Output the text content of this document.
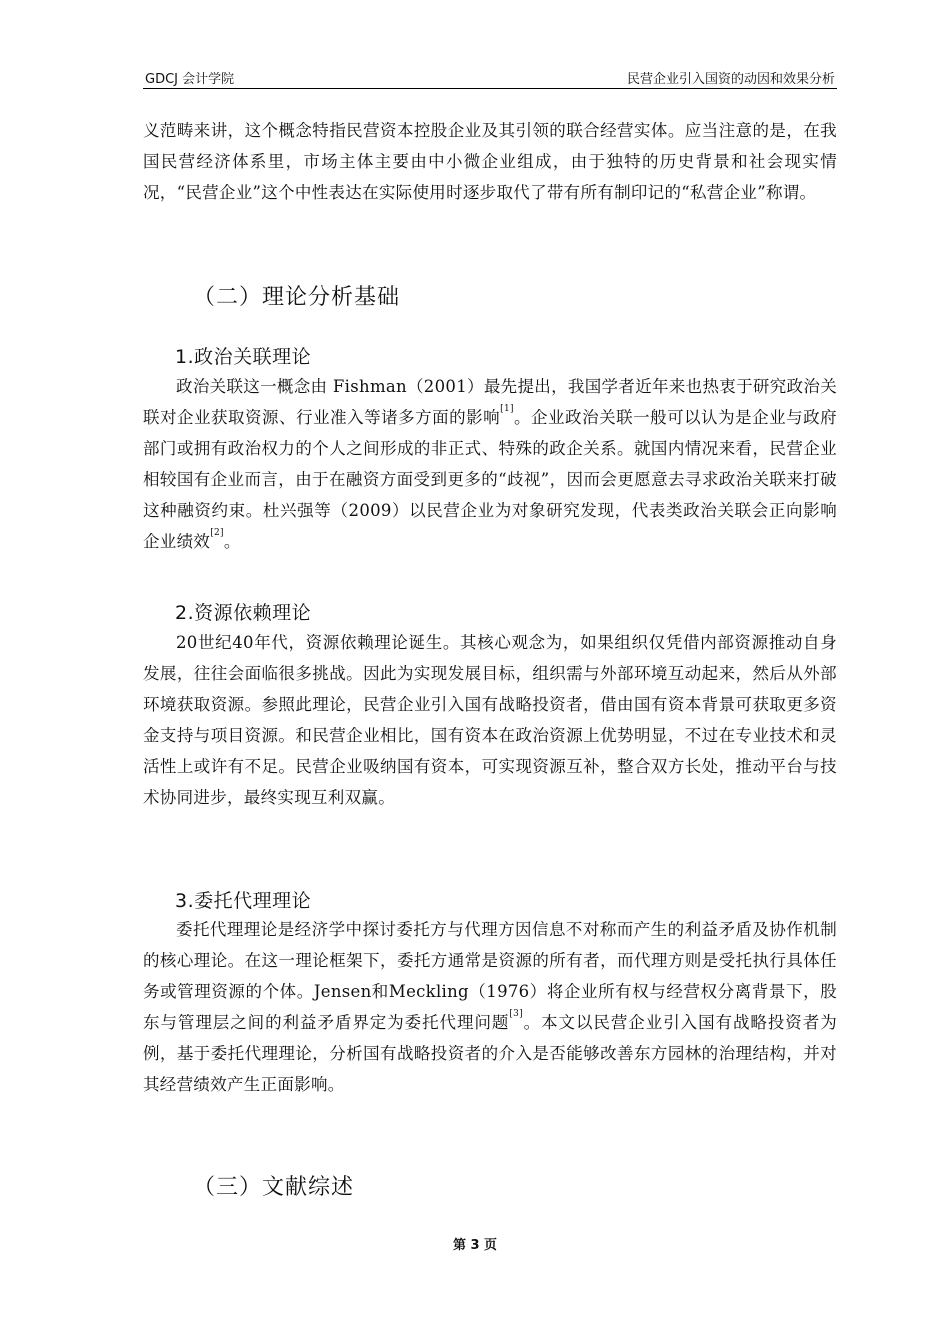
GDCJ 会计学院	民营企业引入国资的动因和效果分析

义范畴来讲，这个概念特指民营资本控股企业及其引领的联合经营实体。应当注意的是，在我国民营经济体系里，市场主体主要由中小微企业组成，由于独特的历史背景和社会现实情况，“民营企业”这个中性表达在实际使用时逐步取代了带有所有制印记的“私营企业”称谓。

（二）理论分析基础
1.政治关联理论

政治关联这一概念由 Fishman（2001）最先提出，我国学者近年来也热衷于研究政治关联对企业获取资源、行业准入等诸多方面的影响[1]。企业政治关联一般可以认为是企业与政府部门或拥有政治权力的个人之间形成的非正式、特殊的政企关系。就国内情况来看，民营企业相较国有企业而言，由于在融资方面受到更多的“歧视”，因而会更愿意去寻求政治关联来打破这种融资约束。杜兴强等（2009）以民营企业为对象研究发现，代表类政治关联会正向影响企业绩效[2]。

2.资源依赖理论

20世纪40年代，资源依赖理论诞生。其核心观念为，如果组织仅凭借内部资源推动自身发展，往往会面临很多挑战。因此为实现发展目标，组织需与外部环境互动起来，然后从外部环境获取资源。参照此理论，民营企业引入国有战略投资者，借由国有资本背景可获取更多资金支持与项目资源。和民营企业相比，国有资本在政治资源上优势明显，不过在专业技术和灵活性上或许有不足。民营企业吸纳国有资本，可实现资源互补，整合双方长处，推动平台与技术协同进步，最终实现互利双赢。

3.委托代理理论

委托代理理论是经济学中探讨委托方与代理方因信息不对称而产生的利益矛盾及协作机制的核心理论。在这一理论框架下，委托方通常是资源的所有者，而代理方则是受托执行具体任务或管理资源的个体。Jensen和Meckling（1976）将企业所有权与经营权分离背景下，股东与管理层之间的利益矛盾界定为委托代理问题[3]。本文以民营企业引入国有战略投资者为例，基于委托代理理论，分析国有战略投资者的介入是否能够改善东方园林的治理结构，并对其经营绩效产生正面影响。

（三）文献综述
第 3 页
